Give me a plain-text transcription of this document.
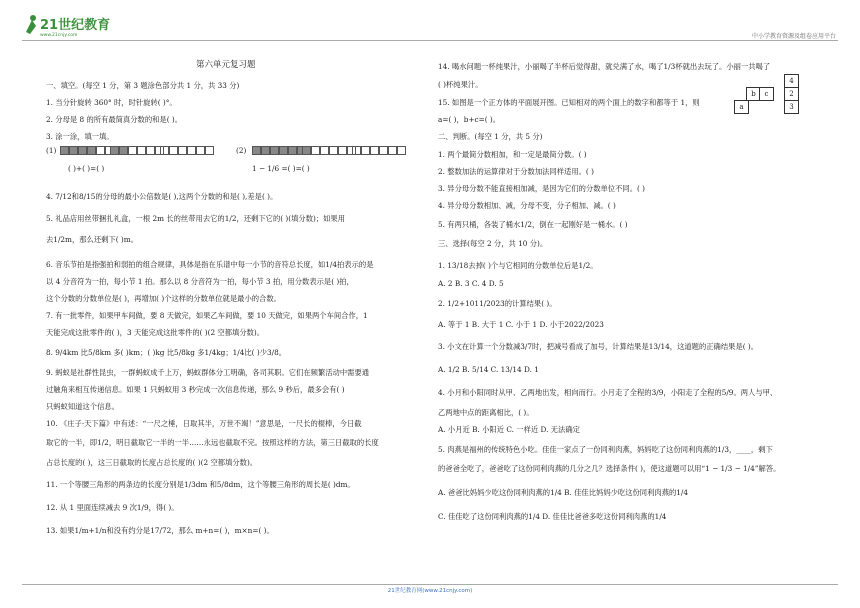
21世纪教育
www.21cnjy.com	中小学教育资源及组卷应用平台

第六单元复习题

一、填空。(每空 1 分，第 3 题涂色部分共 1 分，共 33 分)

1. 当分针旋转 360° 时，时针旋转( )°。

2. 分母是 8 的所有最简真分数的和是( )。

3. 涂一涂，填一填。

(1)
( )+( )=( )
(2)
1 − 1/6 =( )=( )

4. 7/12和8/15的分母的最小公倍数是( ),这两个分数的和是( ),差是( )。

5. 礼品店用丝带捆扎礼盒，一根 2m 长的丝带用去它的1/2，还剩下它的( )(填分数)；如果用

去1/2m，那么还剩下( )m。

6. 音乐节拍是指强拍和弱拍的组合规律，具体是指在乐谱中每一小节的音符总长度，如1/4拍表示的是

以 4 分音符为一拍，每小节 1 拍。那么以 8 分音符为一拍，每小节 3 拍，用分数表示是( )拍，

这个分数的分数单位是( )，再增加( )个这样的分数单位就是最小的合数。

7. 有一批零件，如果甲车间做，要 8 天做完，如果乙车间做，要 10 天做完，如果两个车间合作，1

天能完成这批零件的( )，3 天能完成这批零件的( )(2 空都填分数)。

8. 9/4km 比5/8km 多( )km；( )kg 比5/8kg 多1/4kg；1/4比( )少3/8。

9. 蚂蚁是社群性昆虫，一群蚂蚁成千上万，蚂蚁群体分工明确，各司其职。它们在频繁活动中需要通

过触角来相互传递信息。如果 1 只蚂蚁用 3 秒完成一次信息传递，那么 9 秒后，最多会有( )

只蚂蚁知道这个信息。

10. 《庄子·天下篇》中有述：“一尺之棰，日取其半，万世不竭！”意思是，一尺长的棍棒，今日截

取它的一半，即1/2，明日截取它一半的一半……永远也截取不完。按照这样的方法，第三日截取的长度

占总长度的( )，这三日截取的长度占总长度的( )(2 空都填分数)。

11. 一个等腰三角形的两条边的长度分别是1/3dm 和5/8dm，这个等腰三角形的周长是( )dm。

12. 从 1 里面连续减去 9 次1/9，得( )。

13. 如果1/m+1/n和没有约分是17/72，那么 m+n=( )，m×n=( )。

14. 喝水问题一杯纯果汁，小丽喝了半杯后觉得甜，就兑满了水，喝了1/3杯就出去玩了。小丽一共喝了

( )杯纯果汁。

15. 如图是一个正方体的平面展开图。已知相对的两个面上的数字和都等于 1，则

a=( )，b+c=( )。

二、判断。(每空 1 分，共 5 分)

1. 两个最简分数相加，和一定是最简分数。( )

2. 整数加法的运算律对于分数加法同样适用。( )

3. 异分母分数不能直接相加减，是因为它们的分数单位不同。( )

4. 异分母分数相加、减，分母不变，分子相加、减。( )

5. 有两只桶，各装了桶水1/2，倒在一起刚好是一桶水。( )

三、选择(每空 2 分，共 10 分)。

1. 13/18去掉( )个与它相同的分数单位后是1/2。

A. 2 B. 3 C. 4 D. 5

2. 1/2+1011/2023的计算结果( )。

A. 等于 1 B. 大于 1 C. 小于 1 D. 小于2022/2023

3. 小文在计算一个分数减3/7时，把减号看成了加号，计算结果是13/14，这道题的正确结果是( )。

A. 1/2 B. 5/14 C. 13/14 D. 1

4. 小月和小阳同时从甲、乙两地出发，相向而行。小月走了全程的3/9，小阳走了全程的5/9。两人与甲、

乙两地中点的距离相比，( )。

A. 小月近 B. 小阳近 C. 一样近 D. 无法确定

5. 肉燕是福州的传统特色小吃。佳佳一家点了一份同利肉燕，妈妈吃了这份同利肉燕的1/3，____，剩下

的爸爸全吃了，爸爸吃了这份同利肉燕的几分之几？选择条件( )，使这道题可以用“1 − 1/3 − 1/4”解答。

A. 爸爸比妈妈少吃这份同利肉燕的1/4 B. 佳佳比妈妈少吃这份同利肉燕的1/4

C. 佳佳吃了这份同利肉燕的1/4 D. 佳佳比爸爸多吃这份同利肉燕的1/4

4
b	c	2
a	3
21世纪教育网(www.21cnjy.com)
